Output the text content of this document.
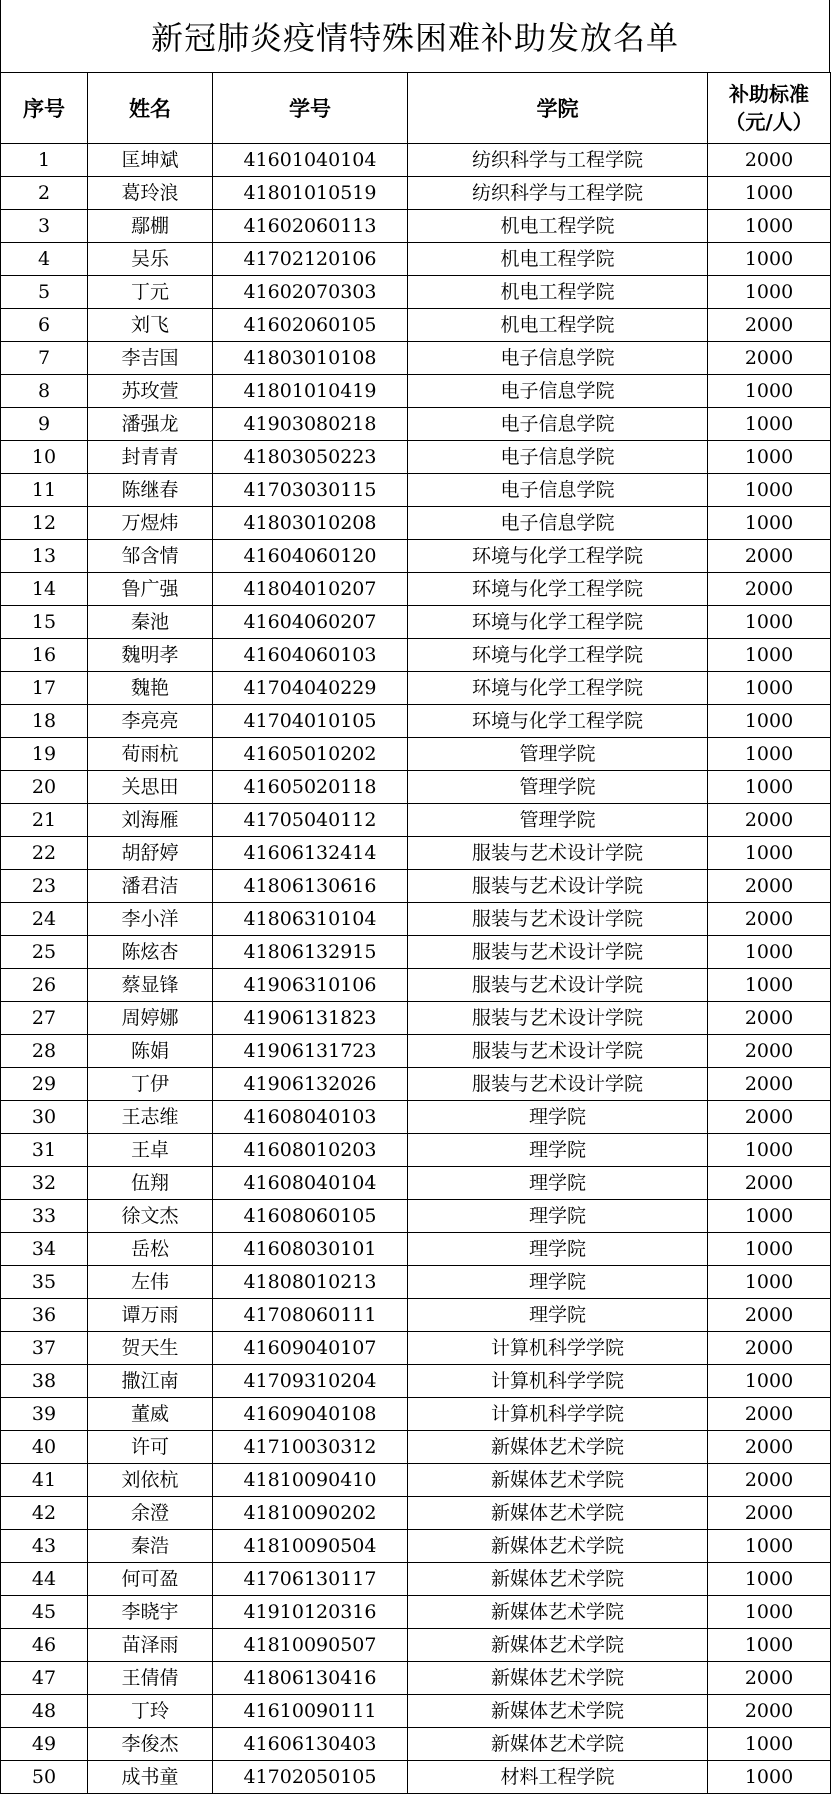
新冠肺炎疫情特殊困难补助发放名单
序号	姓名	学号	学院	补助标准
（元/人）

1	匡坤斌	41601040104	纺织科学与工程学院	2000
2	葛玲浪	41801010519	纺织科学与工程学院	1000
3	鄢棚	41602060113	机电工程学院	1000
4	吴乐	41702120106	机电工程学院	1000
5	丁元	41602070303	机电工程学院	1000
6	刘飞	41602060105	机电工程学院	2000
7	李吉国	41803010108	电子信息学院	2000
8	苏玫萱	41801010419	电子信息学院	1000
9	潘强龙	41903080218	电子信息学院	1000
10	封青青	41803050223	电子信息学院	1000
11	陈继春	41703030115	电子信息学院	1000
12	万煜炜	41803010208	电子信息学院	1000
13	邹含情	41604060120	环境与化学工程学院	2000
14	鲁广强	41804010207	环境与化学工程学院	2000
15	秦池	41604060207	环境与化学工程学院	1000
16	魏明孝	41604060103	环境与化学工程学院	1000
17	魏艳	41704040229	环境与化学工程学院	1000
18	李亮亮	41704010105	环境与化学工程学院	1000
19	荀雨杭	41605010202	管理学院	1000
20	关思田	41605020118	管理学院	1000
21	刘海雁	41705040112	管理学院	2000
22	胡舒婷	41606132414	服装与艺术设计学院	1000
23	潘君洁	41806130616	服装与艺术设计学院	2000
24	李小洋	41806310104	服装与艺术设计学院	2000
25	陈炫杏	41806132915	服装与艺术设计学院	1000
26	蔡显锋	41906310106	服装与艺术设计学院	1000
27	周婷娜	41906131823	服装与艺术设计学院	2000
28	陈娟	41906131723	服装与艺术设计学院	2000
29	丁伊	41906132026	服装与艺术设计学院	2000
30	王志维	41608040103	理学院	2000
31	王卓	41608010203	理学院	1000
32	伍翔	41608040104	理学院	2000
33	徐文杰	41608060105	理学院	1000
34	岳松	41608030101	理学院	1000
35	左伟	41808010213	理学院	1000
36	谭万雨	41708060111	理学院	2000
37	贺天生	41609040107	计算机科学学院	2000
38	撒江南	41709310204	计算机科学学院	1000
39	董威	41609040108	计算机科学学院	2000
40	许可	41710030312	新媒体艺术学院	2000
41	刘依杭	41810090410	新媒体艺术学院	2000
42	余澄	41810090202	新媒体艺术学院	2000
43	秦浩	41810090504	新媒体艺术学院	1000
44	何可盈	41706130117	新媒体艺术学院	1000
45	李晓宇	41910120316	新媒体艺术学院	1000
46	苗泽雨	41810090507	新媒体艺术学院	1000
47	王倩倩	41806130416	新媒体艺术学院	2000
48	丁玲	41610090111	新媒体艺术学院	2000
49	李俊杰	41606130403	新媒体艺术学院	1000
50	成书童	41702050105	材料工程学院	1000
